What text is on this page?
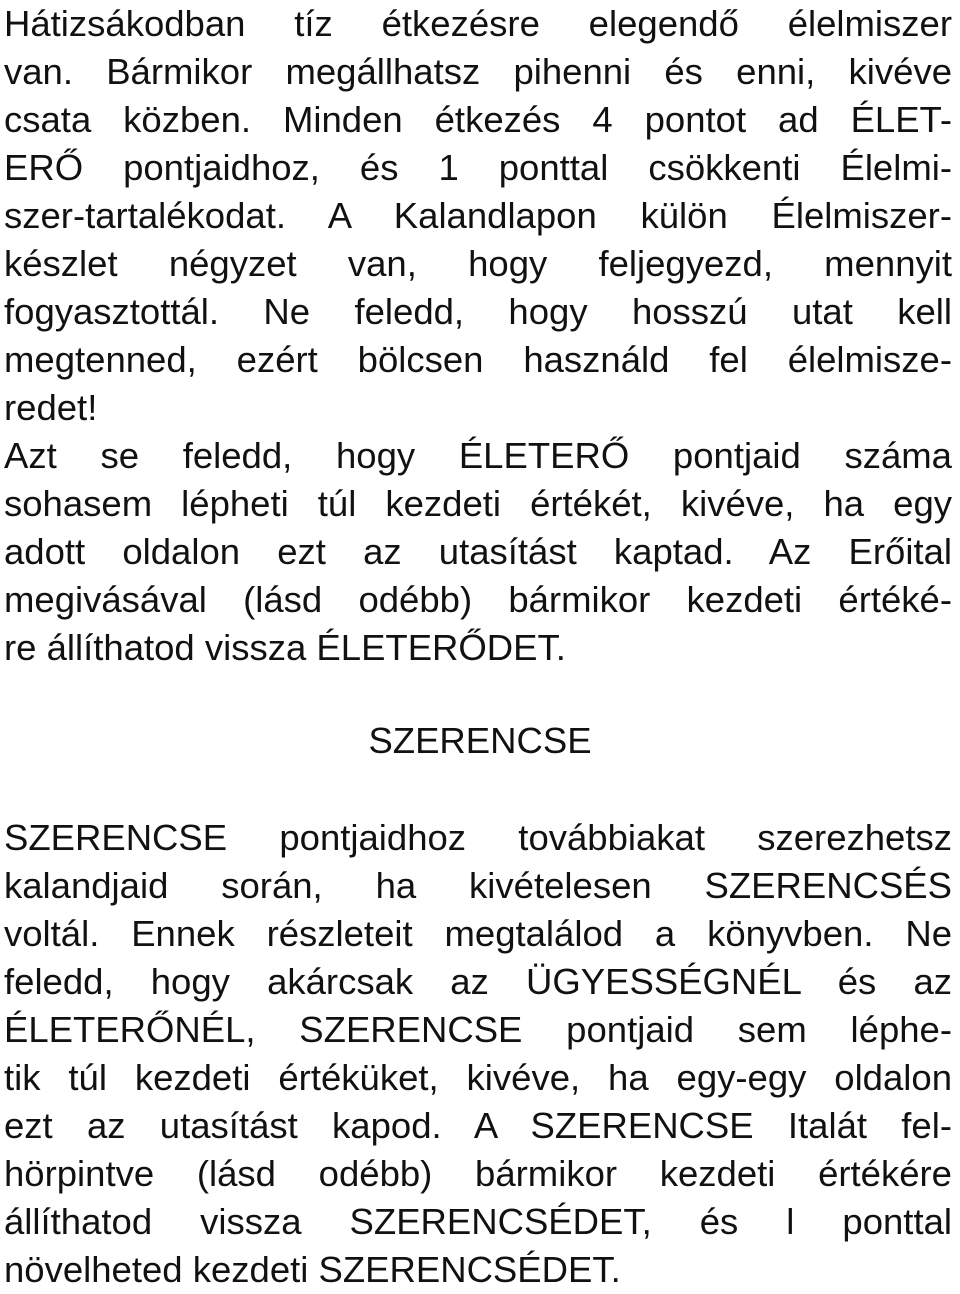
Hátizsákodban tíz étkezésre elegendő élelmiszer
van. Bármikor megállhatsz pihenni és enni, kivéve
csata közben. Minden étkezés 4 pontot ad ÉLET-
ERŐ pontjaidhoz, és 1 ponttal csökkenti Élelmi-
szer-tartalékodat. A Kalandlapon külön Élelmiszer-
készlet négyzet van, hogy feljegyezd, mennyit
fogyasztottál. Ne feledd, hogy hosszú utat kell
megtenned, ezért bölcsen használd fel élelmisze-
redet!
Azt se feledd, hogy ÉLETERŐ pontjaid száma
sohasem lépheti túl kezdeti értékét, kivéve, ha egy
adott oldalon ezt az utasítást kaptad. Az Erőital
megivásával (lásd odébb) bármikor kezdeti értéké-
re állíthatod vissza ÉLETERŐDET.
SZERENCSE
SZERENCSE pontjaidhoz továbbiakat szerezhetsz
kalandjaid során, ha kivételesen SZERENCSÉS
voltál. Ennek részleteit megtalálod a könyvben. Ne
feledd, hogy akárcsak az ÜGYESSÉGNÉL és az
ÉLETERŐNÉL, SZERENCSE pontjaid sem léphe-
tik túl kezdeti értéküket, kivéve, ha egy-egy oldalon
ezt az utasítást kapod. A SZERENCSE Italát fel-
hörpintve (lásd odébb) bármikor kezdeti értékére
állíthatod vissza SZERENCSÉDET, és l ponttal
növelheted kezdeti SZERENCSÉDET.
